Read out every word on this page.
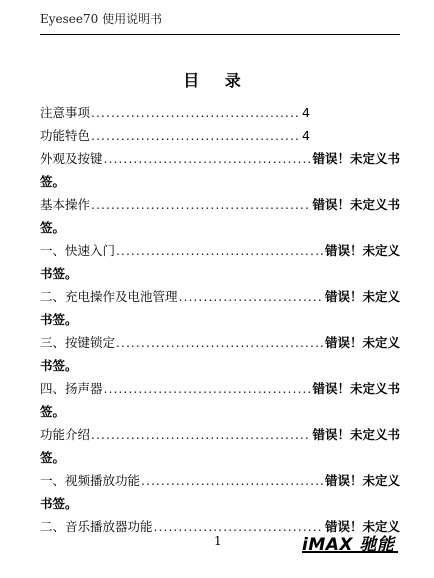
Eyesee70 使用说明书
目 录
注意事项 .....	4
功能特色 .....	4
外观及按键 .....	错误！未定义书
签。
基本操作 .....	错误！未定义书
签。
一、快速入门 .....	错误！未定义
书签。
二、充电操作及电池管理 .....	错误！未定义
书签。
三、按键锁定 .....	错误！未定义
书签。
四、扬声器 .....	错误！未定义书
签。
功能介绍 .....	错误！未定义书
签。
一、视频播放功能 .....	错误！未定义
书签。
二、音乐播放器功能 .....	错误！未定义
1	iMAX 驰能
